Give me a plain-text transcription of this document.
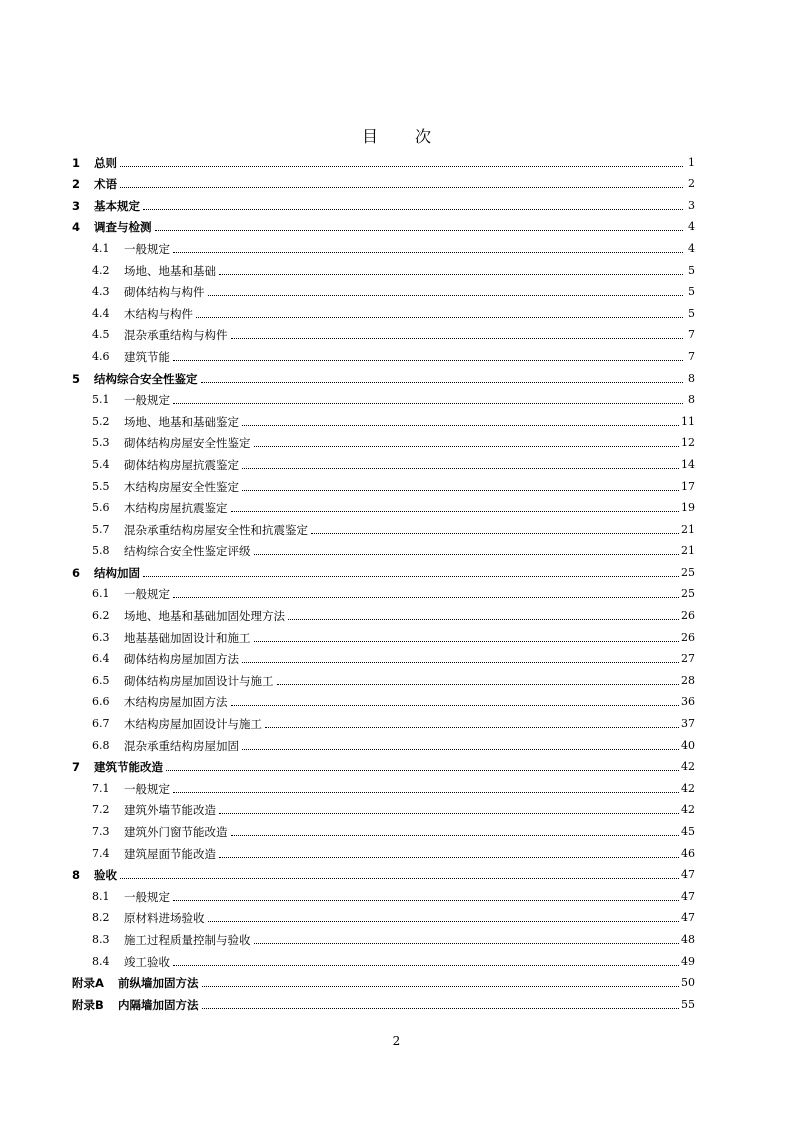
目 次
1	总则	1
2	术语	2
3	基本规定	3
4	调查与检测	4
4.1	一般规定	4
4.2	场地、地基和基础	5
4.3	砌体结构与构件	5
4.4	木结构与构件	5
4.5	混杂承重结构与构件	7
4.6	建筑节能	7
5	结构综合安全性鉴定	8
5.1	一般规定	8
5.2	场地、地基和基础鉴定	11
5.3	砌体结构房屋安全性鉴定	12
5.4	砌体结构房屋抗震鉴定	14
5.5	木结构房屋安全性鉴定	17
5.6	木结构房屋抗震鉴定	19
5.7	混杂承重结构房屋安全性和抗震鉴定	21
5.8	结构综合安全性鉴定评级	21
6	结构加固	25
6.1	一般规定	25
6.2	场地、地基和基础加固处理方法	26
6.3	地基基础加固设计和施工	26
6.4	砌体结构房屋加固方法	27
6.5	砌体结构房屋加固设计与施工	28
6.6	木结构房屋加固方法	36
6.7	木结构房屋加固设计与施工	37
6.8	混杂承重结构房屋加固	40
7	建筑节能改造	42
7.1	一般规定	42
7.2	建筑外墙节能改造	42
7.3	建筑外门窗节能改造	45
7.4	建筑屋面节能改造	46
8	验收	47
8.1	一般规定	47
8.2	原材料进场验收	47
8.3	施工过程质量控制与验收	48
8.4	竣工验收	49
附录A	前纵墙加固方法	50
附录B	内隔墙加固方法	55
2
